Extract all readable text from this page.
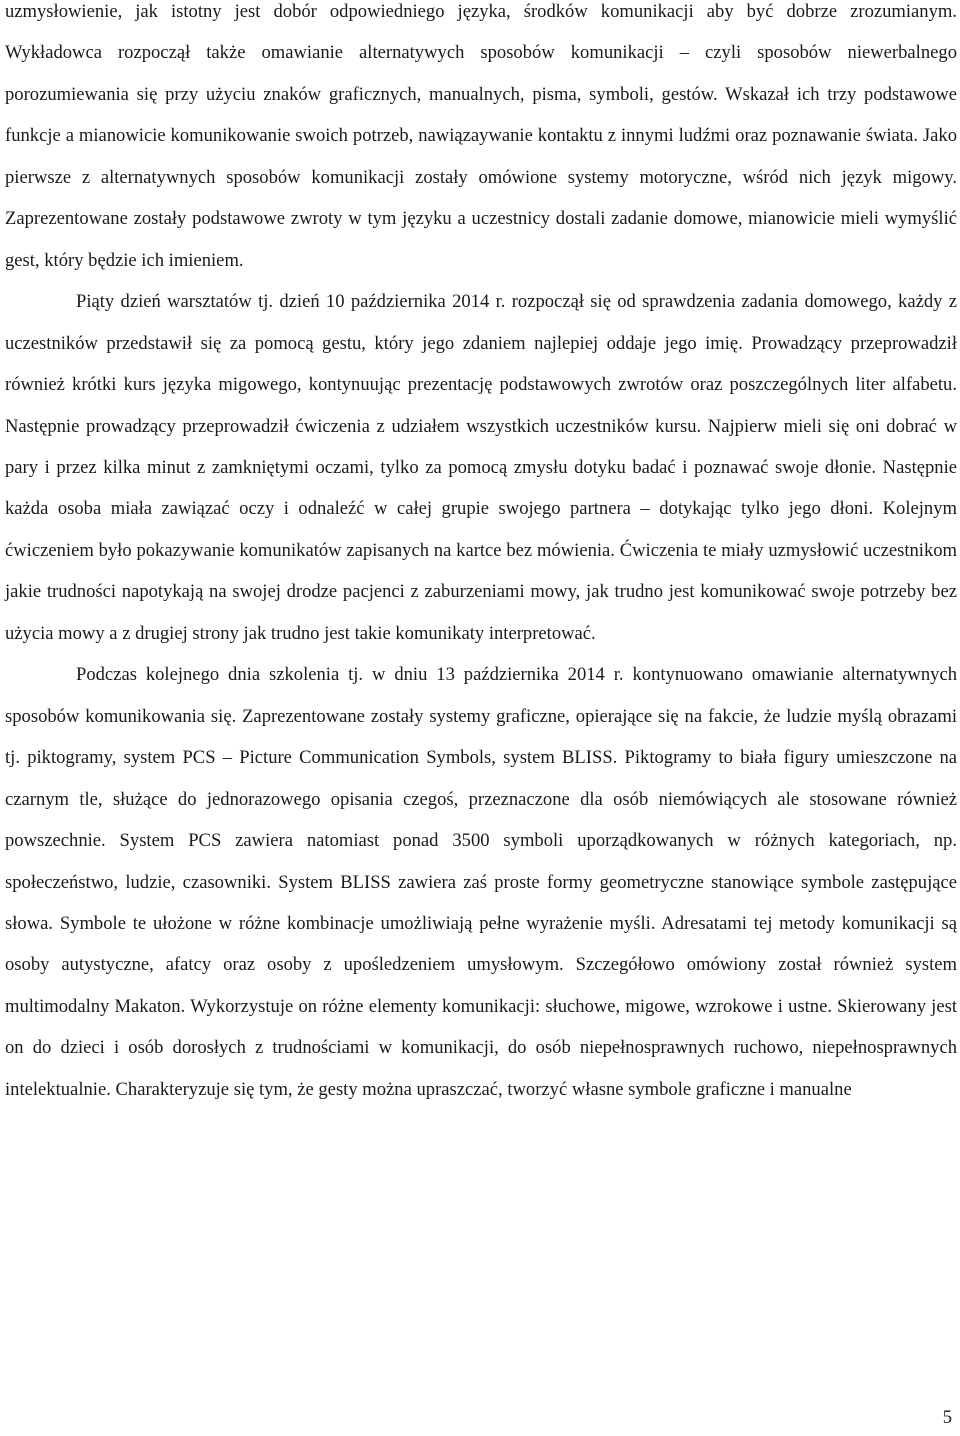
uzmysłowienie, jak istotny jest dobór odpowiedniego języka, środków komunikacji aby być dobrze zrozumianym. Wykładowca rozpoczął także omawianie alternatywych sposobów komunikacji – czyli sposobów niewerbalnego porozumiewania się przy użyciu znaków graficznych, manualnych, pisma, symboli, gestów. Wskazał ich trzy podstawowe funkcje a mianowicie komunikowanie swoich potrzeb, nawiązaywanie kontaktu z innymi ludźmi oraz poznawanie świata. Jako pierwsze z alternatywnych sposobów komunikacji zostały omówione systemy motoryczne, wśród nich język migowy. Zaprezentowane zostały podstawowe zwroty w tym języku a uczestnicy dostali zadanie domowe, mianowicie mieli wymyślić gest, który będzie ich imieniem.

Piąty dzień warsztatów tj. dzień 10 października 2014 r. rozpoczął się od sprawdzenia zadania domowego, każdy z uczestników przedstawił się za pomocą gestu, który jego zdaniem najlepiej oddaje jego imię. Prowadzący przeprowadził również krótki kurs języka migowego, kontynuując prezentację podstawowych zwrotów oraz poszczególnych liter alfabetu. Następnie prowadzący przeprowadził ćwiczenia z udziałem wszystkich uczestników kursu. Najpierw mieli się oni dobrać w pary i przez kilka minut z zamkniętymi oczami, tylko za pomocą zmysłu dotyku badać i poznawać swoje dłonie. Następnie każda osoba miała zawiązać oczy i odnaleźć w całej grupie swojego partnera – dotykając tylko jego dłoni. Kolejnym ćwiczeniem było pokazywanie komunikatów zapisanych na kartce bez mówienia. Ćwiczenia te miały uzmysłowić uczestnikom jakie trudności napotykają na swojej drodze pacjenci z zaburzeniami mowy, jak trudno jest komunikować swoje potrzeby bez użycia mowy a z drugiej strony jak trudno jest takie komunikaty interpretować.

Podczas kolejnego dnia szkolenia tj. w dniu 13 października 2014 r. kontynuowano omawianie alternatywnych sposobów komunikowania się. Zaprezentowane zostały systemy graficzne, opierające się na fakcie, że ludzie myślą obrazami tj. piktogramy, system PCS – Picture Communication Symbols, system BLISS. Piktogramy to biała figury umieszczone na czarnym tle, służące do jednorazowego opisania czegoś, przeznaczone dla osób niemówiących ale stosowane również powszechnie. System PCS zawiera natomiast ponad 3500 symboli uporządkowanych w różnych kategoriach, np. społeczeństwo, ludzie, czasowniki. System BLISS zawiera zaś proste formy geometryczne stanowiące symbole zastępujące słowa. Symbole te ułożone w różne kombinacje umożliwiają pełne wyrażenie myśli. Adresatami tej metody komunikacji są osoby autystyczne, afatcy oraz osoby z upośledzeniem umysłowym. Szczegółowo omówiony został również system multimodalny Makaton. Wykorzystuje on różne elementy komunikacji: słuchowe, migowe, wzrokowe i ustne. Skierowany jest on do dzieci i osób dorosłych z trudnościami w komunikacji, do osób niepełnosprawnych ruchowo, niepełnosprawnych intelektualnie. Charakteryzuje się tym, że gesty można upraszczać, tworzyć własne symbole graficzne i manualne

5
